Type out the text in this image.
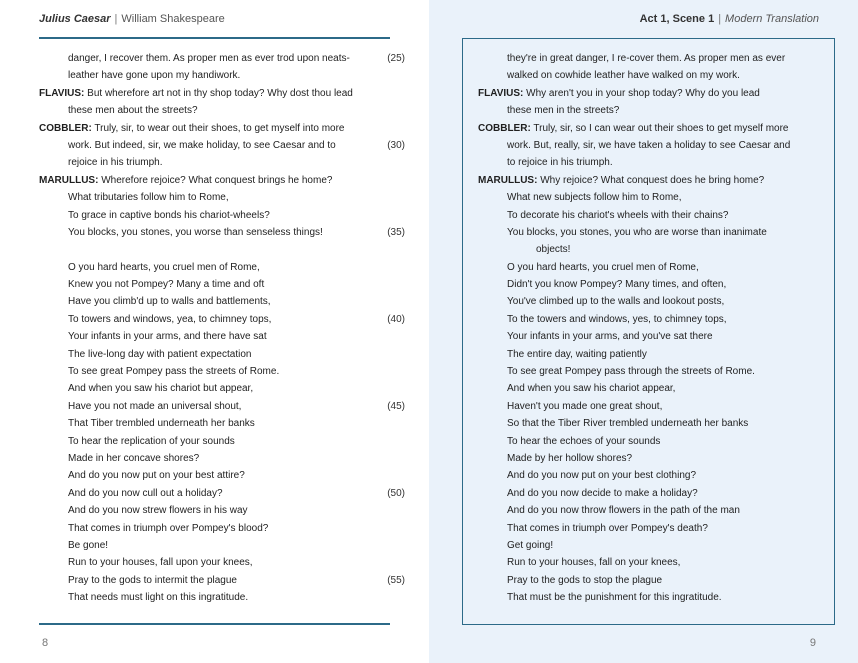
Julius Caesar | William Shakespeare	Act 1, Scene 1 | Modern Translation
danger, I recover them. As proper men as ever trod upon neats-	(25)
leather have gone upon my handiwork.
FLAVIUS: But wherefore art not in thy shop today? Why dost thou lead
these men about the streets?
COBBLER: Truly, sir, to wear out their shoes, to get myself into more
work. But indeed, sir, we make holiday, to see Caesar and to	(30)
rejoice in his triumph.
MARULLUS: Wherefore rejoice? What conquest brings he home?
What tributaries follow him to Rome,
To grace in captive bonds his chariot-wheels?
You blocks, you stones, you worse than senseless things!	(35)
O you hard hearts, you cruel men of Rome,
Knew you not Pompey? Many a time and oft
Have you climb'd up to walls and battlements,
To towers and windows, yea, to chimney tops,	(40)
Your infants in your arms, and there have sat
The live-long day with patient expectation
To see great Pompey pass the streets of Rome.
And when you saw his chariot but appear,
Have you not made an universal shout,	(45)
That Tiber trembled underneath her banks
To hear the replication of your sounds
Made in her concave shores?
And do you now put on your best attire?
And do you now cull out a holiday?	(50)
And do you now strew flowers in his way
That comes in triumph over Pompey's blood?
Be gone!
Run to your houses, fall upon your knees,
Pray to the gods to intermit the plague	(55)
That needs must light on this ingratitude.
they're in great danger, I re-cover them. As proper men as ever
walked on cowhide leather have walked on my work.
FLAVIUS: Why aren't you in your shop today? Why do you lead
these men in the streets?
COBBLER: Truly, sir, so I can wear out their shoes to get myself more
work. But, really, sir, we have taken a holiday to see Caesar and
to rejoice in his triumph.
MARULLUS: Why rejoice? What conquest does he bring home?
What new subjects follow him to Rome,
To decorate his chariot's wheels with their chains?
You blocks, you stones, you who are worse than inanimate
objects!
O you hard hearts, you cruel men of Rome,
Didn't you know Pompey? Many times, and often,
You've climbed up to the walls and lookout posts,
To the towers and windows, yes, to chimney tops,
Your infants in your arms, and you've sat there
The entire day, waiting patiently
To see great Pompey pass through the streets of Rome.
And when you saw his chariot appear,
Haven't you made one great shout,
So that the Tiber River trembled underneath her banks
To hear the echoes of your sounds
Made by her hollow shores?
And do you now put on your best clothing?
And do you now decide to make a holiday?
And do you now throw flowers in the path of the man
That comes in triumph over Pompey's death?
Get going!
Run to your houses, fall on your knees,
Pray to the gods to stop the plague
That must be the punishment for this ingratitude.
8	9
